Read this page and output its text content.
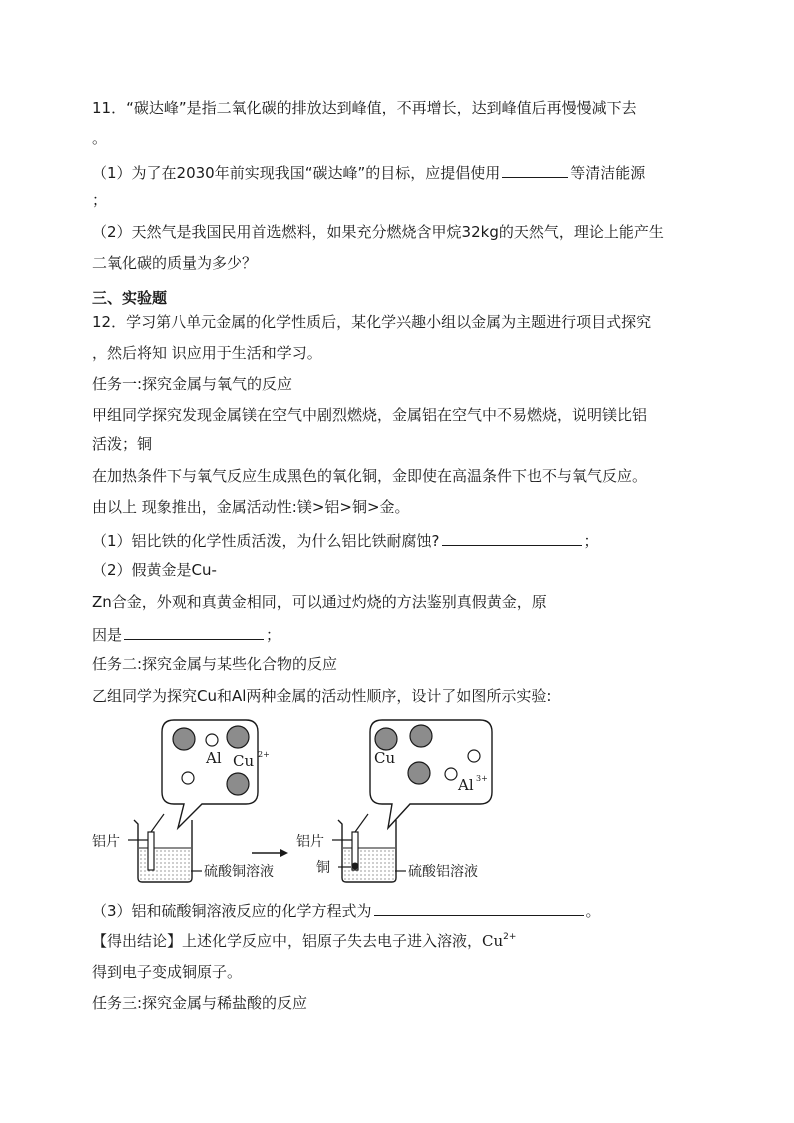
11．“碳达峰”是指二氧化碳的排放达到峰值，不再增长，达到峰值后再慢慢减下去
。
（1）为了在2030年前实现我国“碳达峰”的目标，应提倡使用	等清洁能源
；
（2）天然气是我国民用首选燃料，如果充分燃烧含甲烷32kg的天然气，理论上能产生
二氧化碳的质量为多少？
三、实验题
12．学习第八单元金属的化学性质后，某化学兴趣小组以金属为主题进行项目式探究
，然后将知 识应用于生活和学习。
任务一:探究金属与氧气的反应
甲组同学探究发现金属镁在空气中剧烈燃烧，金属铝在空气中不易燃烧，说明镁比铝
活泼；铜
在加热条件下与氧气反应生成黑色的氧化铜，金即使在高温条件下也不与氧气反应。
由以上 现象推出，金属活动性:镁>铝>铜>金。
（1）铝比铁的化学性质活泼，为什么铝比铁耐腐蚀?	；
（2）假黄金是Cu-
Zn合金，外观和真黄金相同，可以通过灼烧的方法鉴别真假黄金，原
因是	；
任务二:探究金属与某些化合物的反应
乙组同学为探究Cu和Al两种金属的活动性顺序，设计了如图所示实验:
Al Cu 2+
铝片
硫酸铜溶液
Cu
Al 3+
铝片
铜	硫酸铝溶液
（3）铝和硫酸铜溶液反应的化学方程式为	。
【得出结论】上述化学反应中，铝原子失去电子进入溶液，$Cu^{2+}$
得到电子变成铜原子。
任务三:探究金属与稀盐酸的反应
